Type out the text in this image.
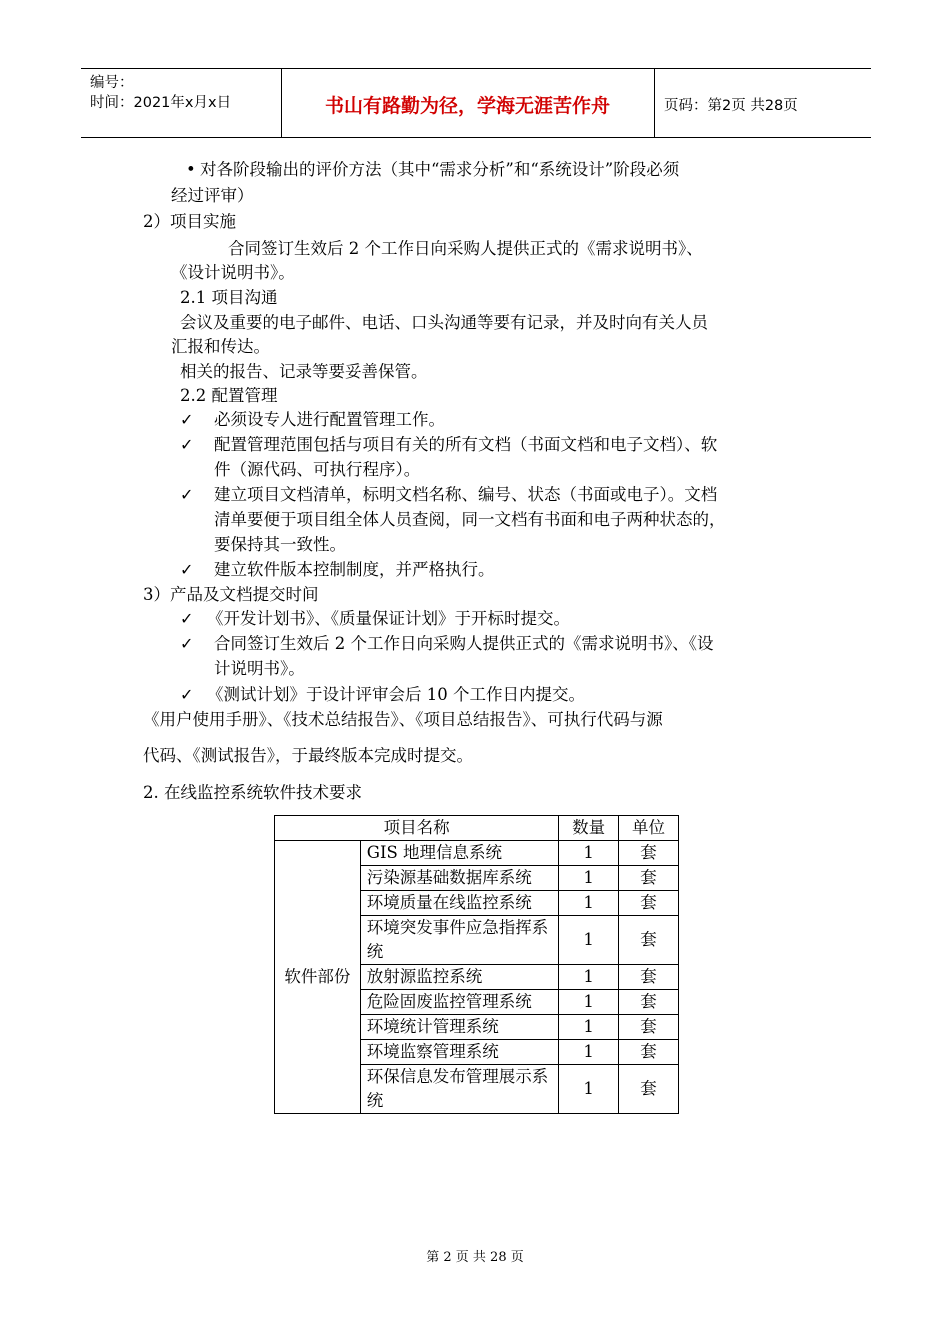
编号：
时间：2021年x月x日	书山有路勤为径，学海无涯苦作舟	页码：第2页 共28页
• 对各阶段输出的评价方法（其中“需求分析”和“系统设计”阶段必须
经过评审）
2）项目实施
合同签订生效后 2 个工作日向采购人提供正式的《需求说明书》、
《设计说明书》。
2.1 项目沟通
会议及重要的电子邮件、电话、口头沟通等要有记录，并及时向有关人员
汇报和传达。
相关的报告、记录等要妥善保管。
2.2 配置管理
✓ 必须设专人进行配置管理工作。
✓ 配置管理范围包括与项目有关的所有文档（书面文档和电子文档）、软
件（源代码、可执行程序）。
✓ 建立项目文档清单，标明文档名称、编号、状态（书面或电子）。文档
清单要便于项目组全体人员查阅，同一文档有书面和电子两种状态的，
要保持其一致性。
✓ 建立软件版本控制制度，并严格执行。
3）产品及文档提交时间
✓ 《开发计划书》、《质量保证计划》于开标时提交。
✓ 合同签订生效后 2 个工作日向采购人提供正式的《需求说明书》、《设
计说明书》。
✓ 《测试计划》于设计评审会后 10 个工作日内提交。
《用户使用手册》、《技术总结报告》、《项目总结报告》、可执行代码与源
代码、《测试报告》，于最终版本完成时提交。
2. 在线监控系统软件技术要求
项目名称		数量	单位
软件部份	GIS 地理信息系统	1	套
	污染源基础数据库系统	1	套
	环境质量在线监控系统	1	套
	环境突发事件应急指挥系统	1	套
	放射源监控系统	1	套
	危险固废监控管理系统	1	套
	环境统计管理系统	1	套
	环境监察管理系统	1	套
	环保信息发布管理展示系统	1	套
第 2 页 共 28 页
